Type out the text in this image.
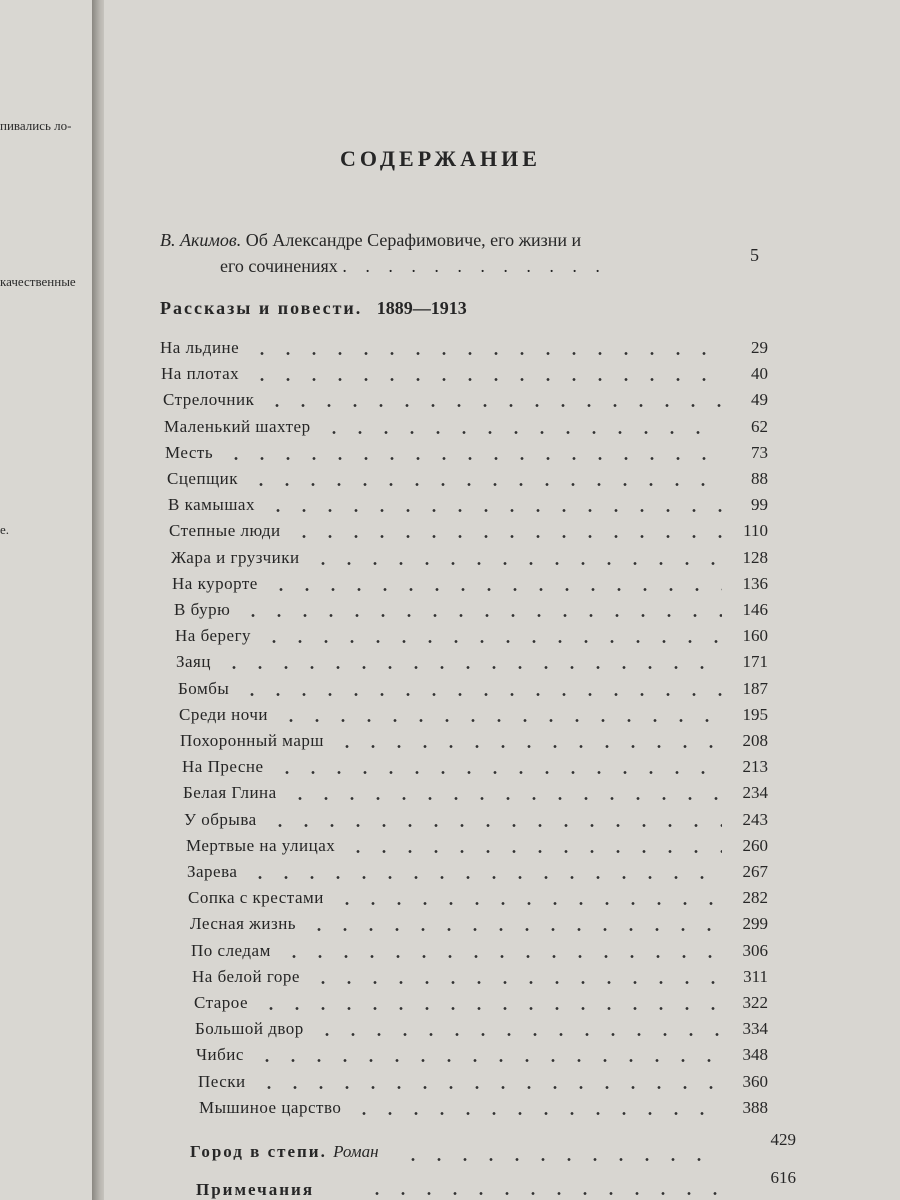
пивались ло-
качественные
е.
СОДЕРЖАНИЕ
В. Акимов. Об Александре Серафимовиче, его жизни и
его сочинениях . . . . . . . . . . . .
5
Рассказы и повести. 1889—1913
На льдине	29
На плотах	40
Стрелочник	49
Маленький шахтер	62
Месть	73
Сцепщик	88
В камышах	99
Степные люди	110
Жара и грузчики	128
На курорте	136
В бурю	146
На берегу	160
Заяц	171
Бомбы	187
Среди ночи	195
Похоронный марш	208
На Пресне	213
Белая Глина	234
У обрыва	243
Мертвые на улицах	260
Зарева	267
Сопка с крестами	282
Лесная жизнь	299
По следам	306
На белой горе	311
Старое	322
Большой двор	334
Чибис	348
Пески	360
Мышиное царство	388
Город в степи. Роман
429
Примечания
616
